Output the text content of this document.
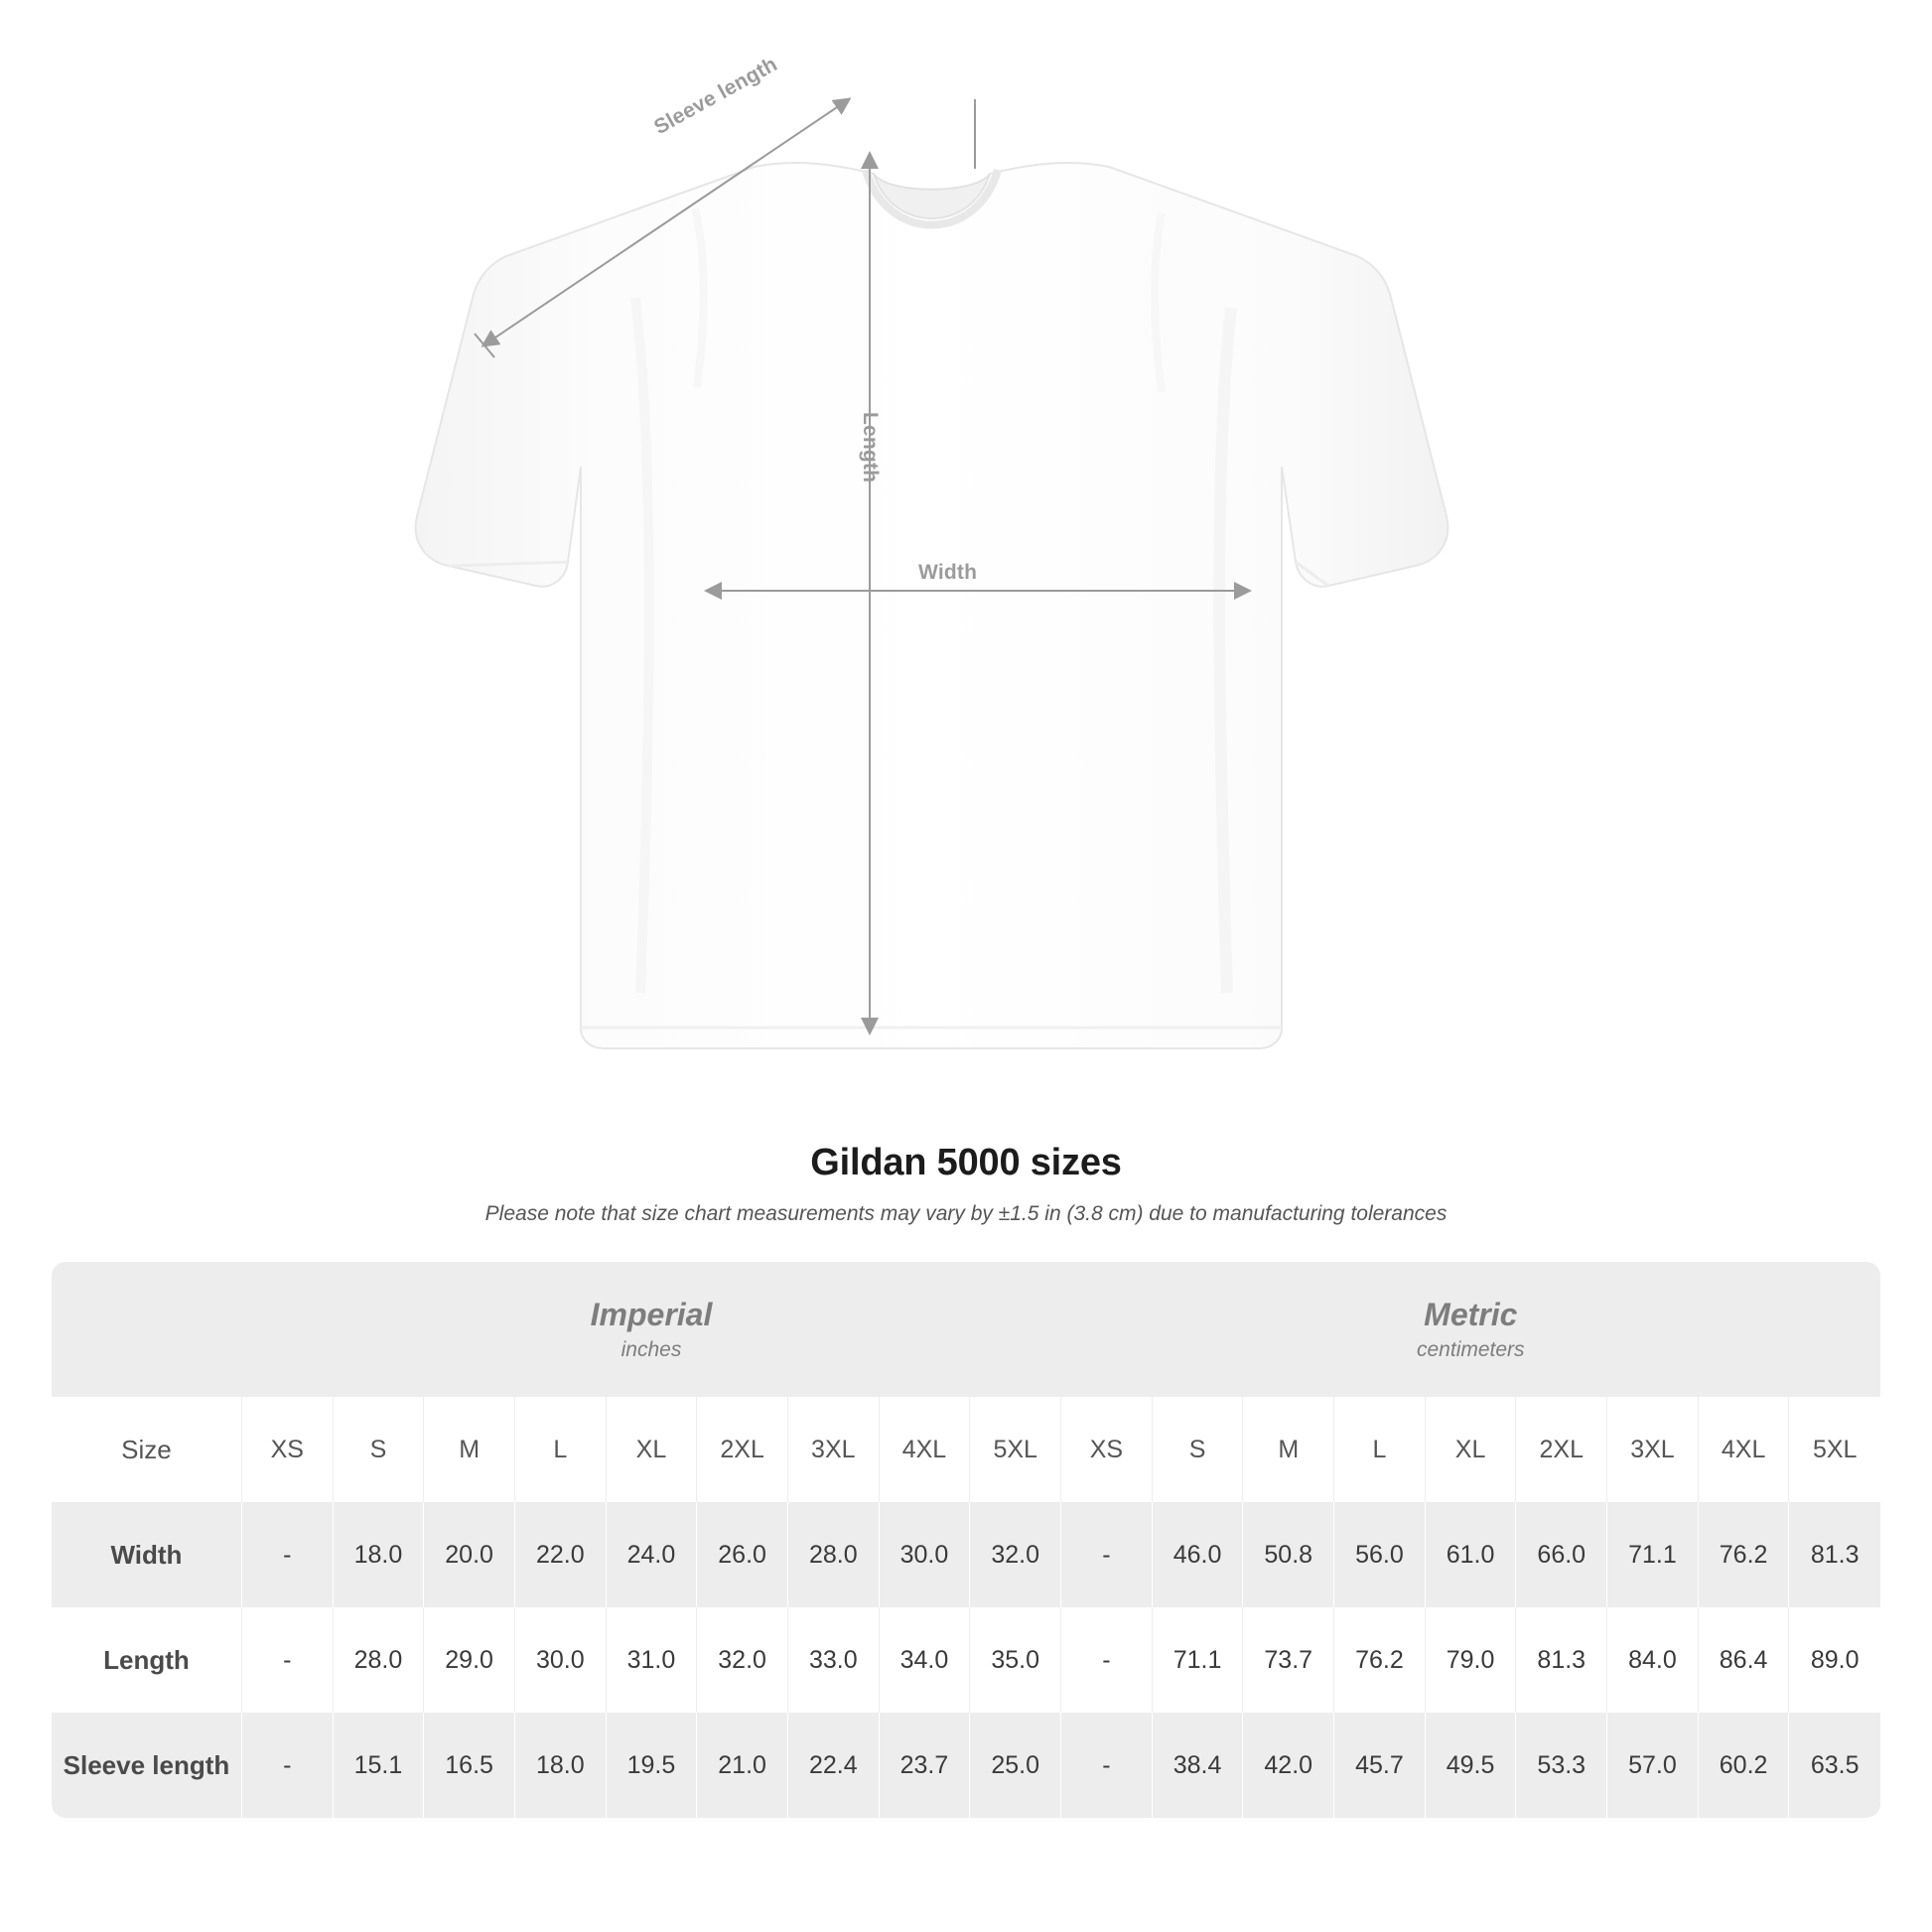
Sleeve length
Length
Width
Gildan 5000 sizes

Please note that size chart measurements may vary by ±1.5 in (3.8 cm) due to manufacturing tolerances

Imperial
inches

Metric
centimeters

Size	XS	S	M	L	XL	2XL	3XL	4XL	5XL	XS	S	M	L	XL	2XL	3XL	4XL	5XL
Width	-	18.0	20.0	22.0	24.0	26.0	28.0	30.0	32.0	-	46.0	50.8	56.0	61.0	66.0	71.1	76.2	81.3
Length	-	28.0	29.0	30.0	31.0	32.0	33.0	34.0	35.0	-	71.1	73.7	76.2	79.0	81.3	84.0	86.4	89.0
Sleeve length	-	15.1	16.5	18.0	19.5	21.0	22.4	23.7	25.0	-	38.4	42.0	45.7	49.5	53.3	57.0	60.2	63.5
